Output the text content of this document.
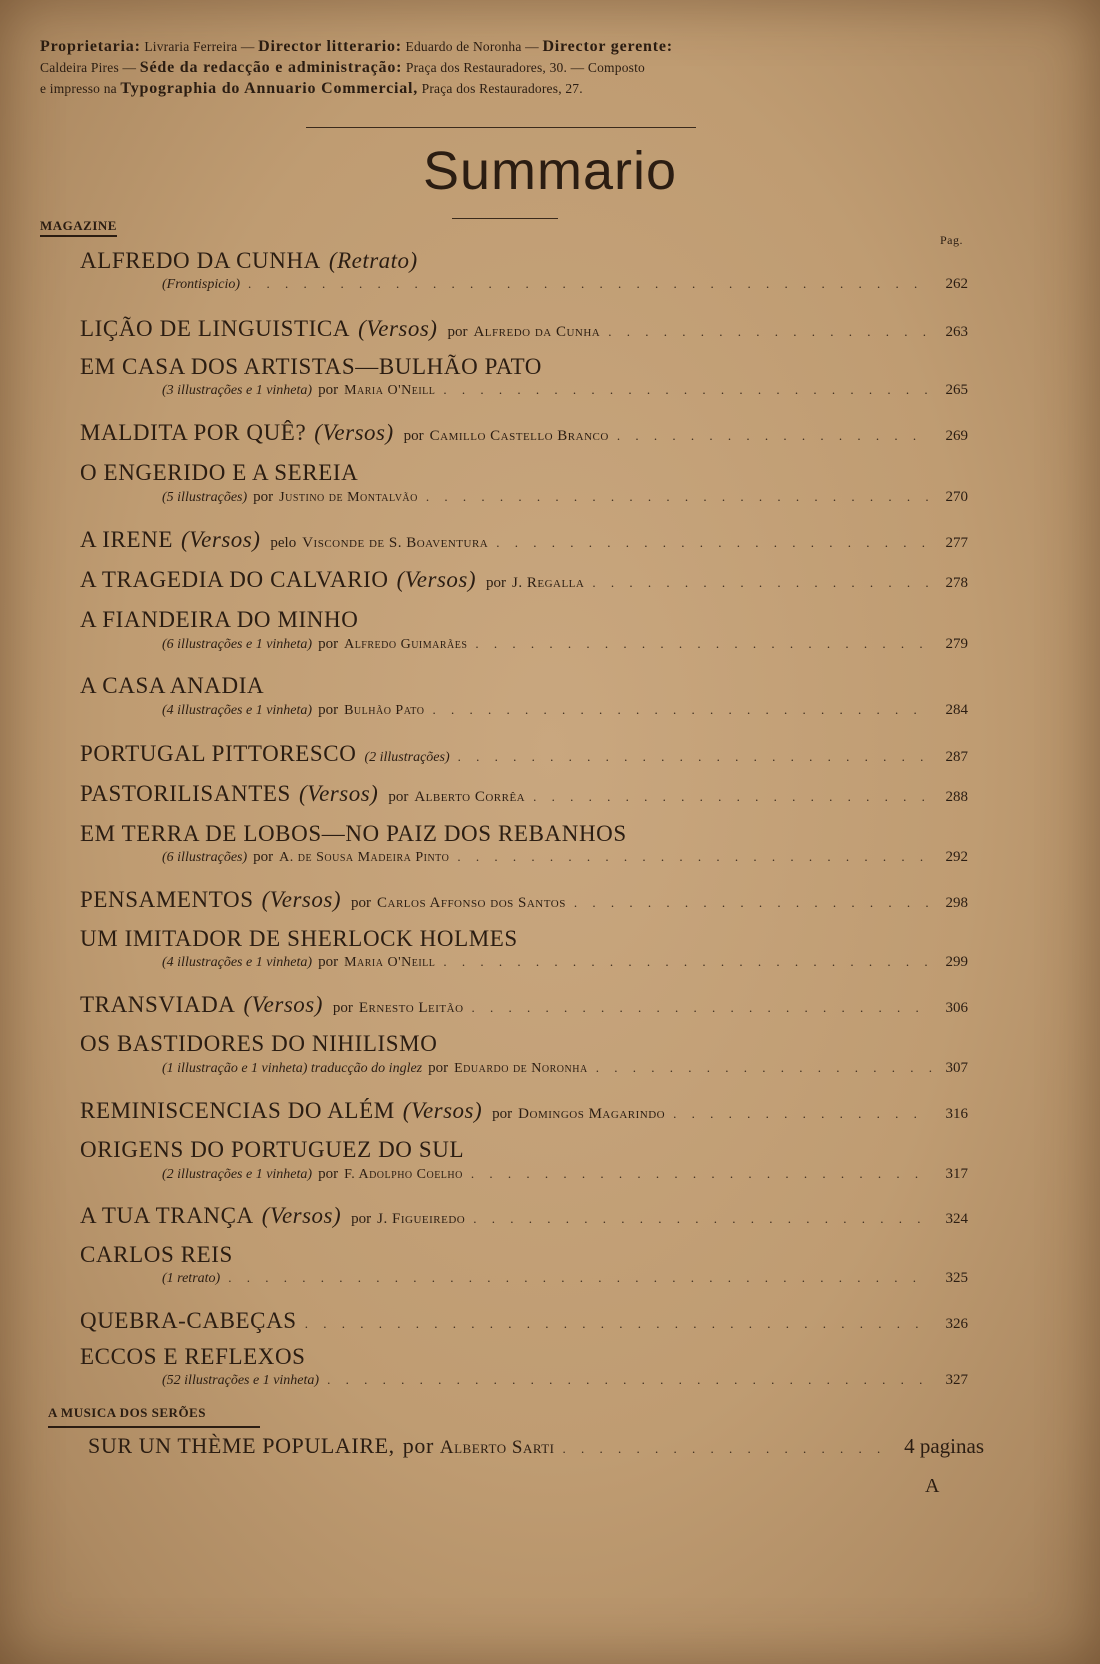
Proprietaria: Livraria Ferreira — Director litterario: Eduardo de Noronha — Director gerente:
Caldeira Pires — Séde da redacção e administração: Praça dos Restauradores, 30. — Composto
e impresso na Typographia do Annuario Commercial, Praça dos Restauradores, 27.
Summario
MAGAZINE
Pag.
ALFREDO DA CUNHA (Retrato)
(Frontispicio) . . .	262
LIÇÃO DE LINGUISTICA (Versos) por Alfredo da Cunha . . .	263
EM CASA DOS ARTISTAS—BULHÃO PATO
(3 illustrações e 1 vinheta) por Maria O'Neill . . .	265
MALDITA POR QUÊ? (Versos) por Camillo Castello Branco . . .	269
O ENGERIDO E A SEREIA
(5 illustrações) por Justino de Montalvão . . .	270
A IRENE (Versos) pelo Visconde de S. Boaventura . . .	277
A TRAGEDIA DO CALVARIO (Versos) por J. Regalla . . .	278
A FIANDEIRA DO MINHO
(6 illustrações e 1 vinheta) por Alfredo Guimarães . . .	279
A CASA ANADIA
(4 illustrações e 1 vinheta) por Bulhão Pato . . .	284
PORTUGAL PITTORESCO (2 illustrações) . . .	287
PASTORILISANTES (Versos) por Alberto Corrêa . . .	288
EM TERRA DE LOBOS—NO PAIZ DOS REBANHOS
(6 illustrações) por A. de Sousa Madeira Pinto . . .	292
PENSAMENTOS (Versos) por Carlos Affonso dos Santos . . .	298
UM IMITADOR DE SHERLOCK HOLMES
(4 illustrações e 1 vinheta) por Maria O'Neill . . .	299
TRANSVIADA (Versos) por Ernesto Leitão . . .	306
OS BASTIDORES DO NIHILISMO
(1 illustração e 1 vinheta) traducção do inglez por Eduardo de Noronha . . .	307
REMINISCENCIAS DO ALÉM (Versos) por Domingos Magarindo . . .	316
ORIGENS DO PORTUGUEZ DO SUL
(2 illustrações e 1 vinheta) por F. Adolpho Coelho . . .	317
A TUA TRANÇA (Versos) por J. Figueiredo . . .	324
CARLOS REIS
(1 retrato) . . .	325
QUEBRA-CABEÇAS . . .	326
ECCOS E REFLEXOS
(52 illustrações e 1 vinheta) . . .	327
A MUSICA DOS SERÕES
SUR UN THÈME POPULAIRE, por Alberto Sarti . . .	4 paginas
A
